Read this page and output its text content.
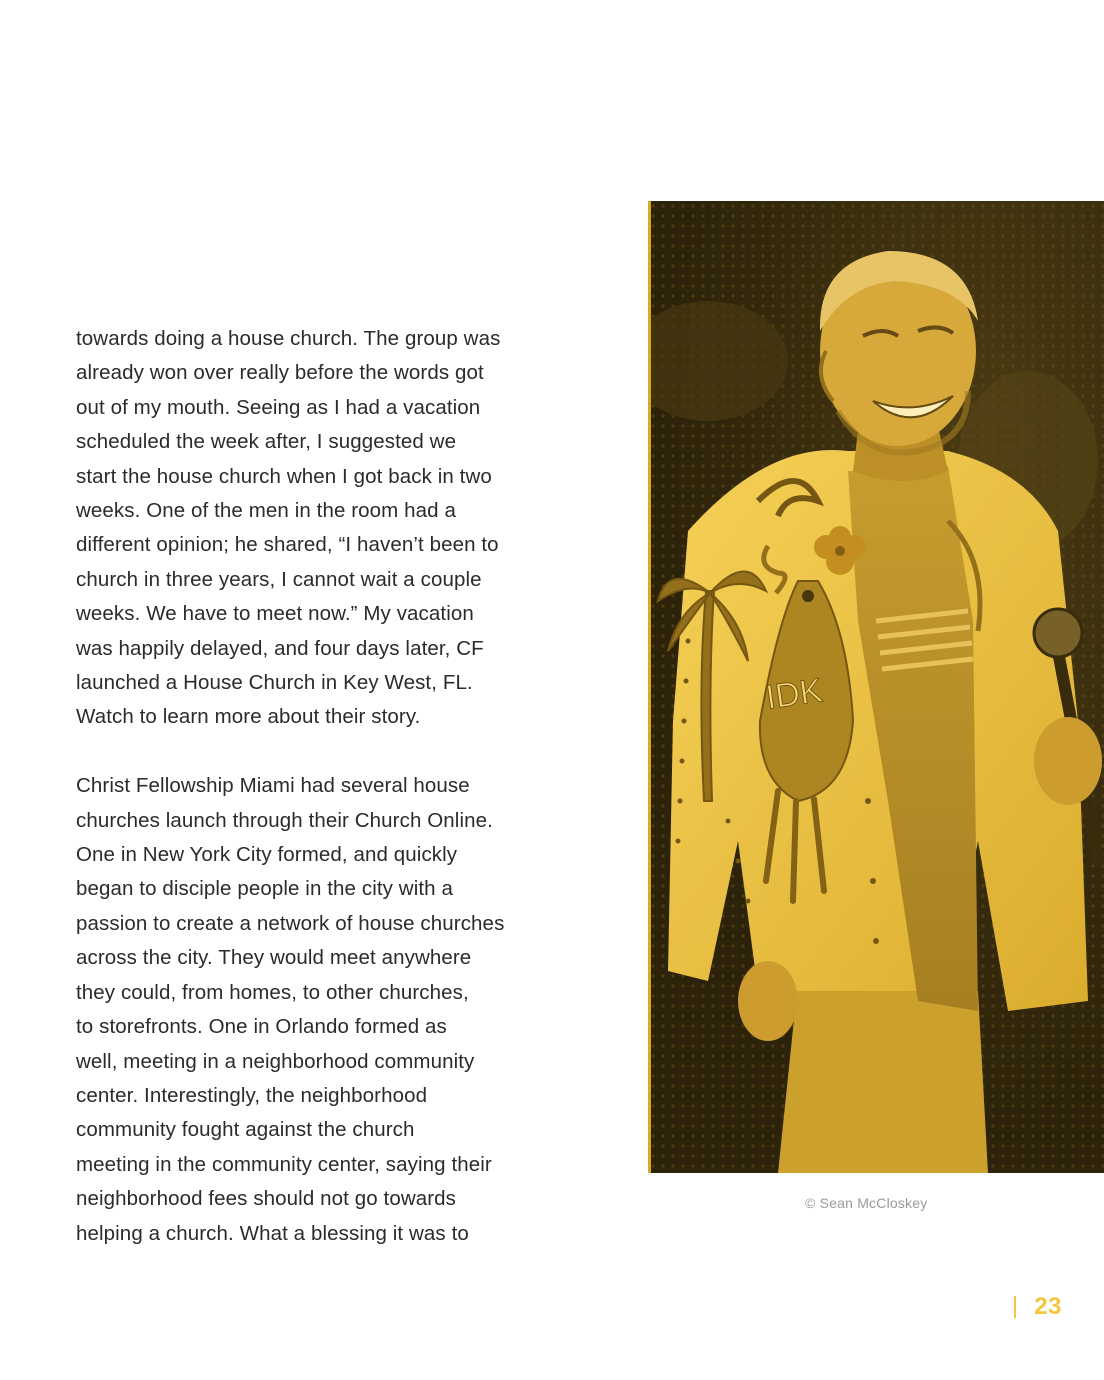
towards doing a house church. The group was
already won over really before the words got
out of my mouth. Seeing as I had a vacation
scheduled the week after, I suggested we
start the house church when I got back in two
weeks. One of the men in the room had a
different opinion; he shared, “I haven’t been to
church in three years, I cannot wait a couple
weeks. We have to meet now.” My vacation
was happily delayed, and four days later, CF
launched a House Church in Key West, FL.
Watch to learn more about their story.

Christ Fellowship Miami had several house
churches launch through their Church Online.
One in New York City formed, and quickly
began to disciple people in the city with a
passion to create a network of house churches
across the city. They would meet anywhere
they could, from homes, to other churches,
to storefronts. One in Orlando formed as
well, meeting in a neighborhood community
center. Interestingly, the neighborhood
community fought against the church
meeting in the community center, saying their
neighborhood fees should not go towards
helping a church. What a blessing it was to

IDK
© Sean McCloskey
23
